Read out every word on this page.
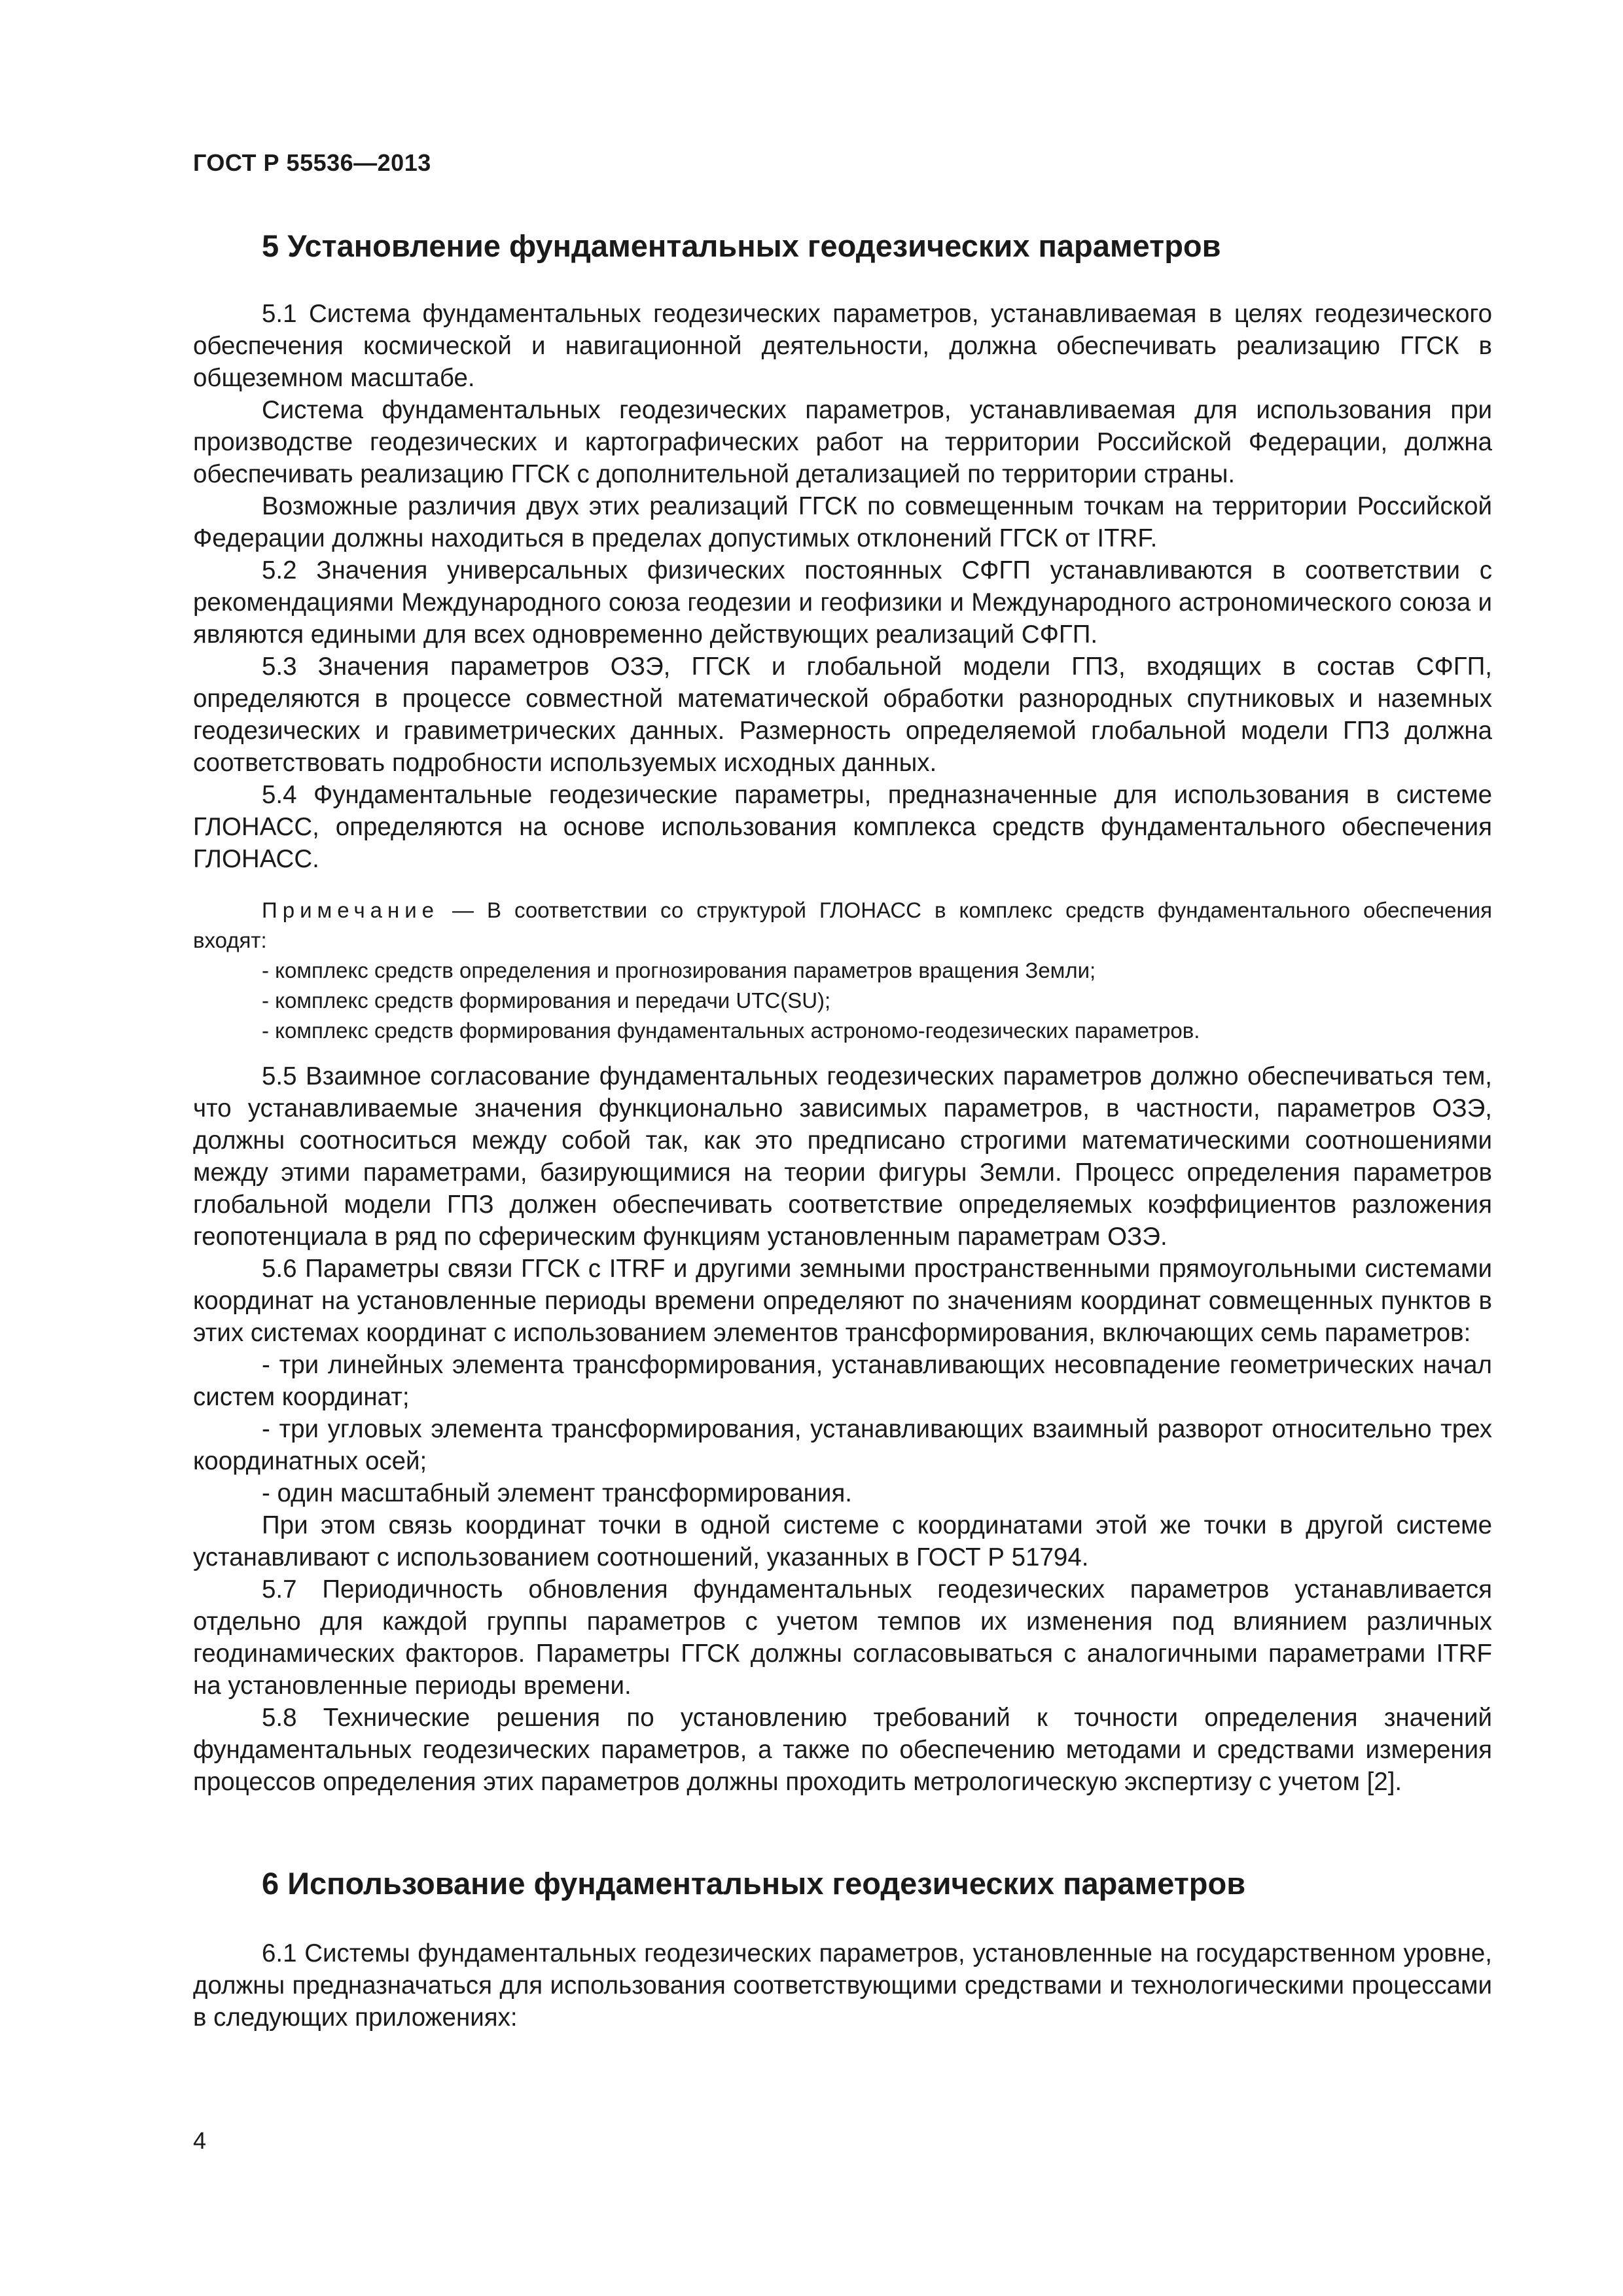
ГОСТ Р 55536—2013
5 Установление фундаментальных геодезических параметров

5.1 Система фундаментальных геодезических параметров, устанавливаемая в целях геодезического обеспечения космической и навигационной деятельности, должна обеспечивать реализацию ГГСК в общеземном масштабе.

Система фундаментальных геодезических параметров, устанавливаемая для использования при производстве геодезических и картографических работ на территории Российской Федерации, должна обеспечивать реализацию ГГСК с дополнительной детализацией по территории страны.

Возможные различия двух этих реализаций ГГСК по совмещенным точкам на территории Российской Федерации должны находиться в пределах допустимых отклонений ГГСК от ITRF.

5.2 Значения универсальных физических постоянных СФГП устанавливаются в соответствии с рекомендациями Международного союза геодезии и геофизики и Международного астрономического союза и являются едиными для всех одновременно действующих реализаций СФГП.

5.3 Значения параметров ОЗЭ, ГГСК и глобальной модели ГПЗ, входящих в состав СФГП, определяются в процессе совместной математической обработки разнородных спутниковых и наземных геодезических и гравиметрических данных. Размерность определяемой глобальной модели ГПЗ должна соответствовать подробности используемых исходных данных.

5.4 Фундаментальные геодезические параметры, предназначенные для использования в системе ГЛОНАСС, определяются на основе использования комплекса средств фундаментального обеспечения ГЛОНАСС.

Примечание — В соответствии со структурой ГЛОНАСС в комплекс средств фундаментального обеспечения входят:

- комплекс средств определения и прогнозирования параметров вращения Земли;

- комплекс средств формирования и передачи UTC(SU);

- комплекс средств формирования фундаментальных астрономо-геодезических параметров.

5.5 Взаимное согласование фундаментальных геодезических параметров должно обеспечиваться тем, что устанавливаемые значения функционально зависимых параметров, в частности, параметров ОЗЭ, должны соотноситься между собой так, как это предписано строгими математическими соотношениями между этими параметрами, базирующимися на теории фигуры Земли. Процесс определения параметров глобальной модели ГПЗ должен обеспечивать соответствие определяемых коэффициентов разложения геопотенциала в ряд по сферическим функциям установленным параметрам ОЗЭ.

5.6 Параметры связи ГГСК с ITRF и другими земными пространственными прямоугольными системами координат на установленные периоды времени определяют по значениям координат совмещенных пунктов в этих системах координат с использованием элементов трансформирования, включающих семь параметров:

- три линейных элемента трансформирования, устанавливающих несовпадение геометрических начал систем координат;

- три угловых элемента трансформирования, устанавливающих взаимный разворот относительно трех координатных осей;

- один масштабный элемент трансформирования.

При этом связь координат точки в одной системе с координатами этой же точки в другой системе устанавливают с использованием соотношений, указанных в ГОСТ Р 51794.

5.7 Периодичность обновления фундаментальных геодезических параметров устанавливается отдельно для каждой группы параметров с учетом темпов их изменения под влиянием различных геодинамических факторов. Параметры ГГСК должны согласовываться с аналогичными параметрами ITRF на установленные периоды времени.

5.8 Технические решения по установлению требований к точности определения значений фундаментальных геодезических параметров, а также по обеспечению методами и средствами измерения процессов определения этих параметров должны проходить метрологическую экспертизу с учетом [2].

6 Использование фундаментальных геодезических параметров

6.1 Системы фундаментальных геодезических параметров, установленные на государственном уровне, должны предназначаться для использования соответствующими средствами и технологическими процессами в следующих приложениях:

4
